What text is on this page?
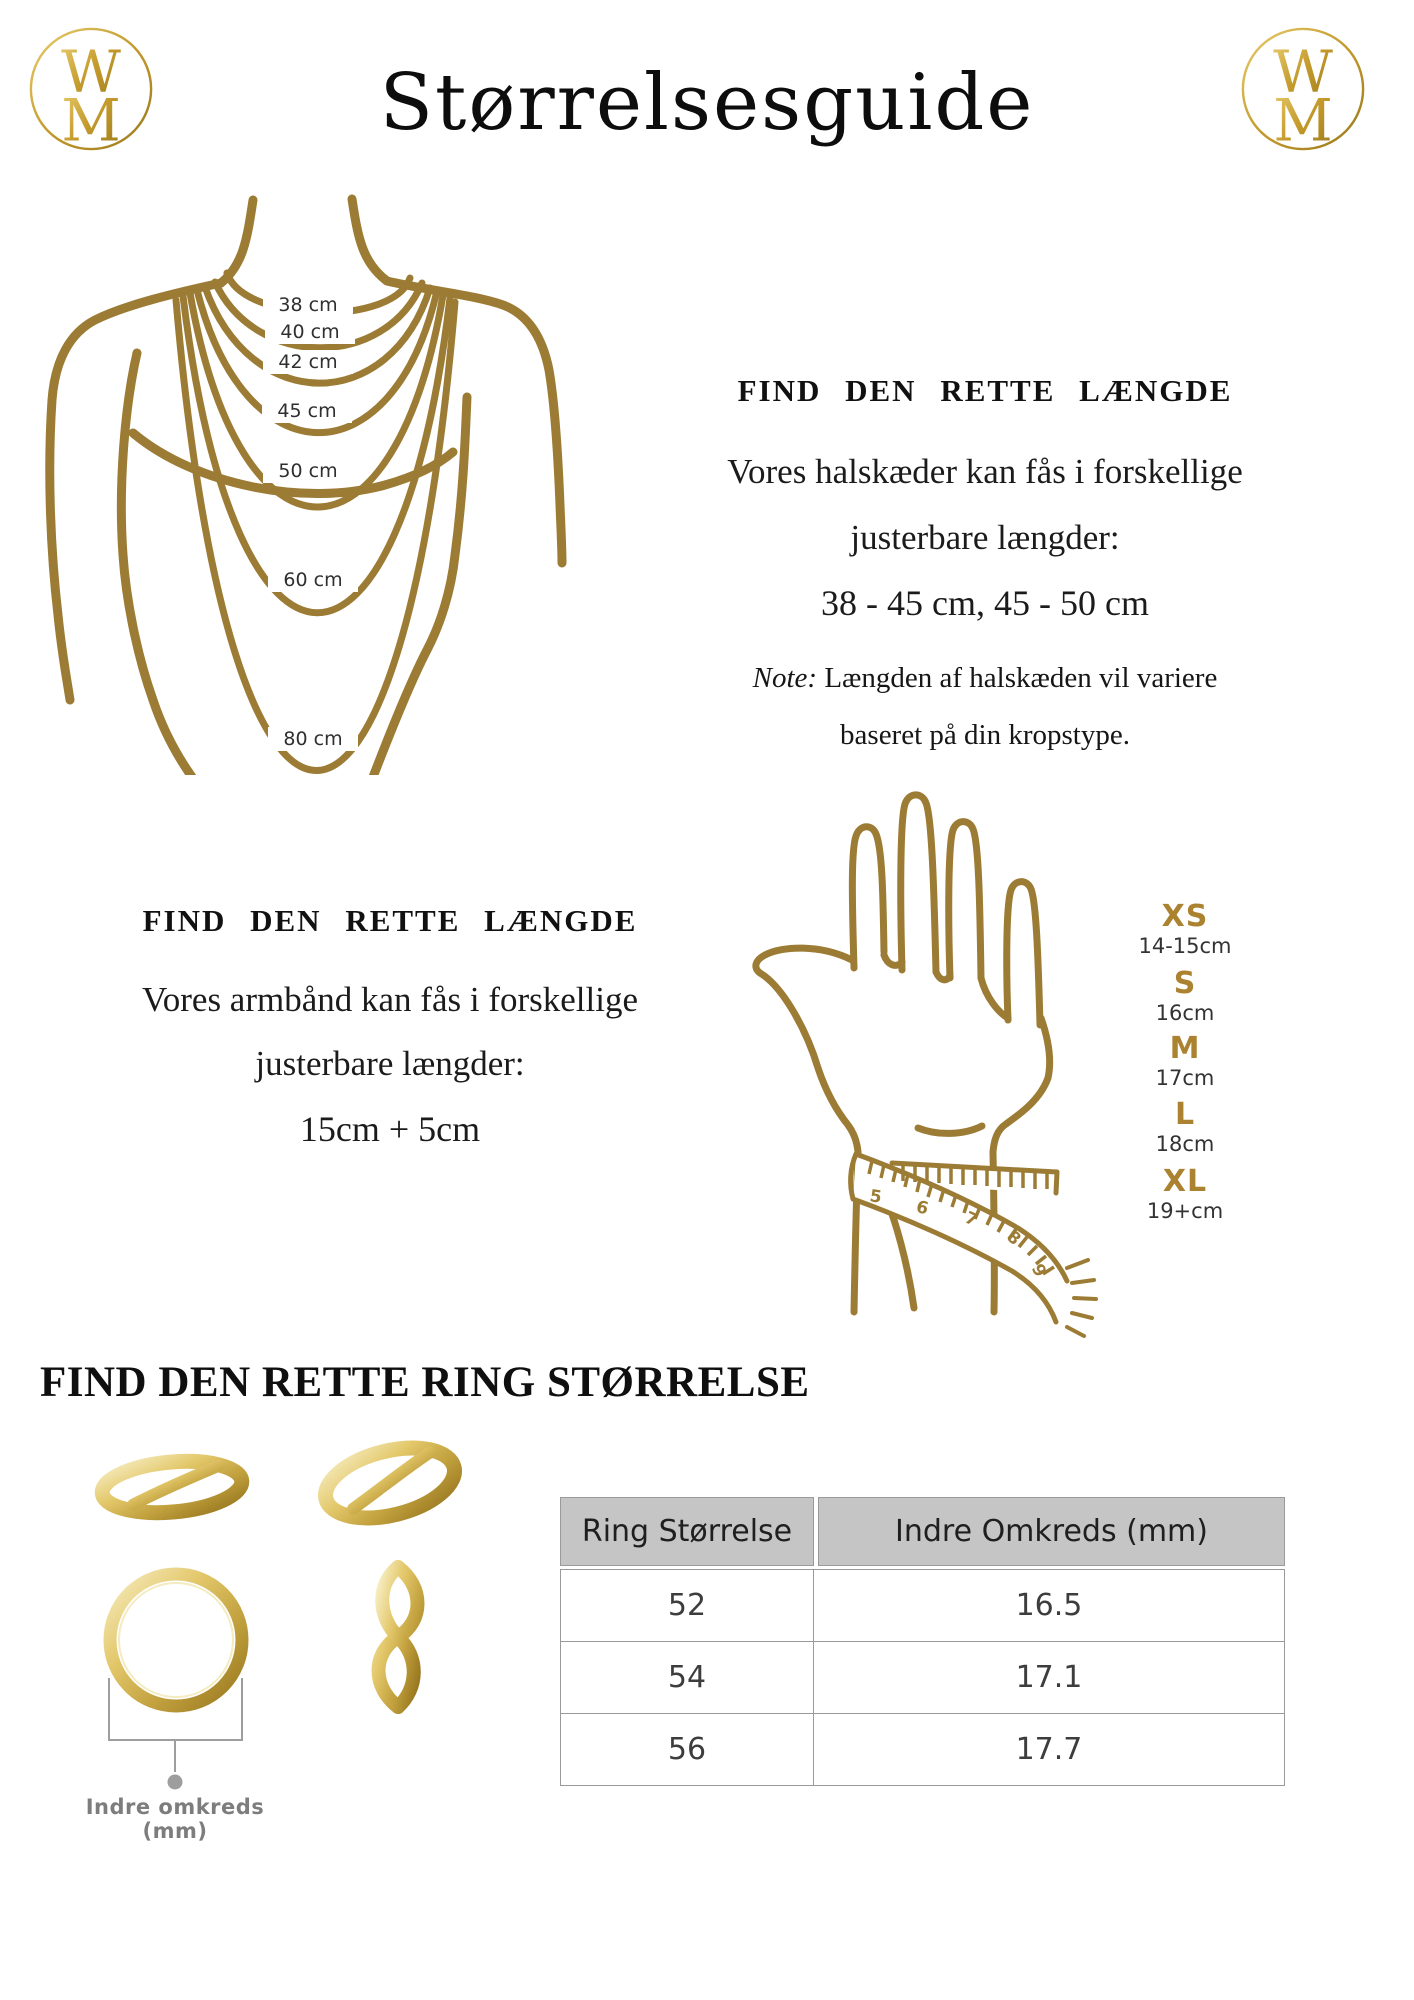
Størrelsesguide
W
M
W
M
38 cm
40 cm
42 cm
45 cm
50 cm
60 cm
80 cm
FIND DEN RETTE LÆNGDE
Vores halskæder kan fås i forskellige
justerbare længder:
38 - 45 cm, 45 - 50 cm
Note: Længden af halskæden vil variere
baseret på din kropstype.
FIND DEN RETTE LÆNGDE
Vores armbånd kan fås i forskellige
justerbare længder:
15cm + 5cm
5 6 7
8
9
XS
14-15cm
S
16cm
M
17cm
L
18cm
XL
19+cm
FIND DEN RETTE RING STØRRELSE
Indre omkreds (mm)
Ring Størrelse	Indre Omkreds (mm)
52	16.5
54	17.1
56	17.7
